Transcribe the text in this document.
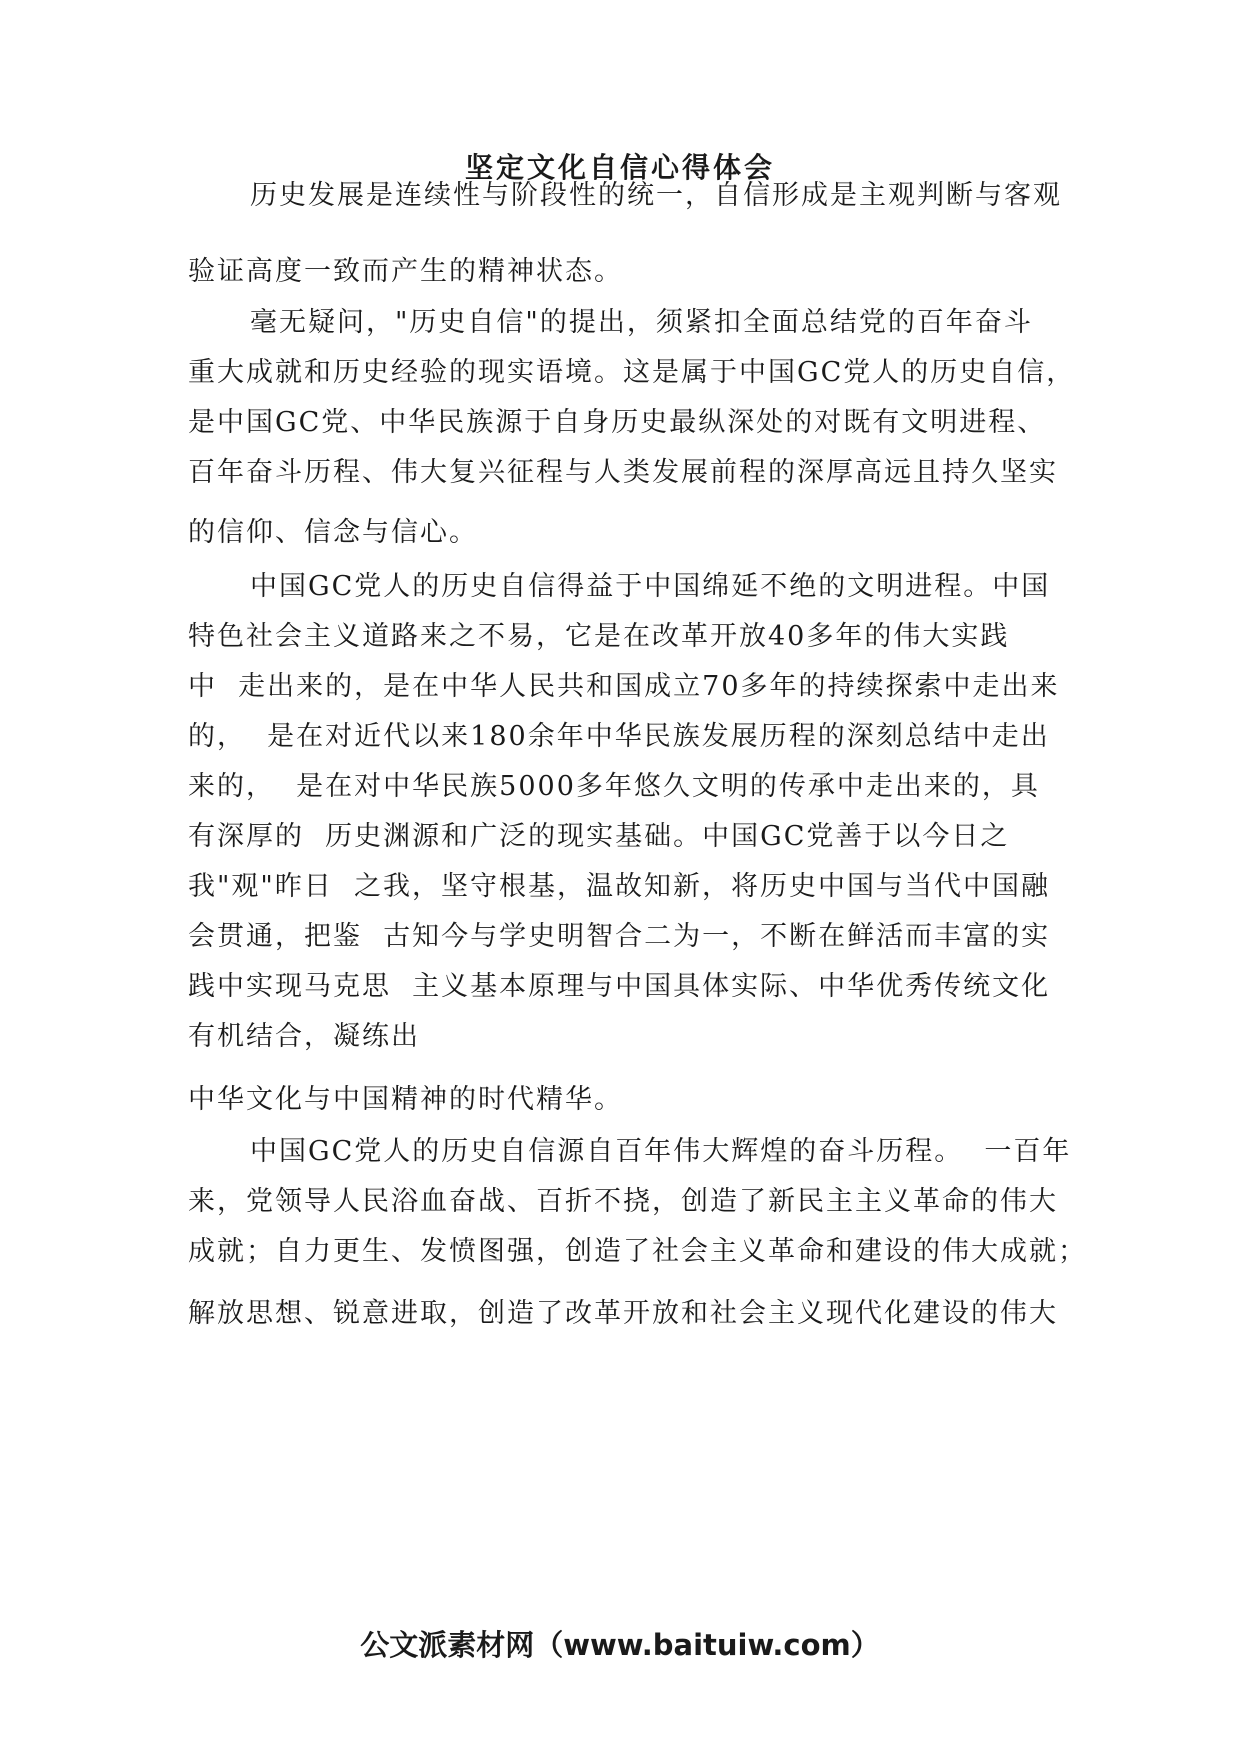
坚定文化自信心得体会

历史发展是连续性与阶段性的统一，自信形成是主观判断与客观

验证高度一致而产生的精神状态。

毫无疑问，"历史自信"的提出，须紧扣全面总结党的百年奋斗

重大成就和历史经验的现实语境。这是属于中国GC党人的历史自信，

是中国GC党、中华民族源于自身历史最纵深处的对既有文明进程、

百年奋斗历程、伟大复兴征程与人类发展前程的深厚高远且持久坚实

的信仰、信念与信心。

中国GC党人的历史自信得益于中国绵延不绝的文明进程。中国

特色社会主义道路来之不易，它是在改革开放40多年的伟大实践

中  走出来的，是在中华人民共和国成立70多年的持续探索中走出来

的，  是在对近代以来180余年中华民族发展历程的深刻总结中走出

来的，  是在对中华民族5000多年悠久文明的传承中走出来的，具

有深厚的  历史渊源和广泛的现实基础。中国GC党善于以今日之

我"观"昨日  之我，坚守根基，温故知新，将历史中国与当代中国融

会贯通，把鉴  古知今与学史明智合二为一，不断在鲜活而丰富的实

践中实现马克思  主义基本原理与中国具体实际、中华优秀传统文化

有机结合，凝练出

中华文化与中国精神的时代精华。

中国GC党人的历史自信源自百年伟大辉煌的奋斗历程。  一百年

来，党领导人民浴血奋战、百折不挠，创造了新民主主义革命的伟大

成就；自力更生、发愤图强，创造了社会主义革命和建设的伟大成就；

解放思想、锐意进取，创造了改革开放和社会主义现代化建设的伟大

公文派素材网（www.baituiw.com）
